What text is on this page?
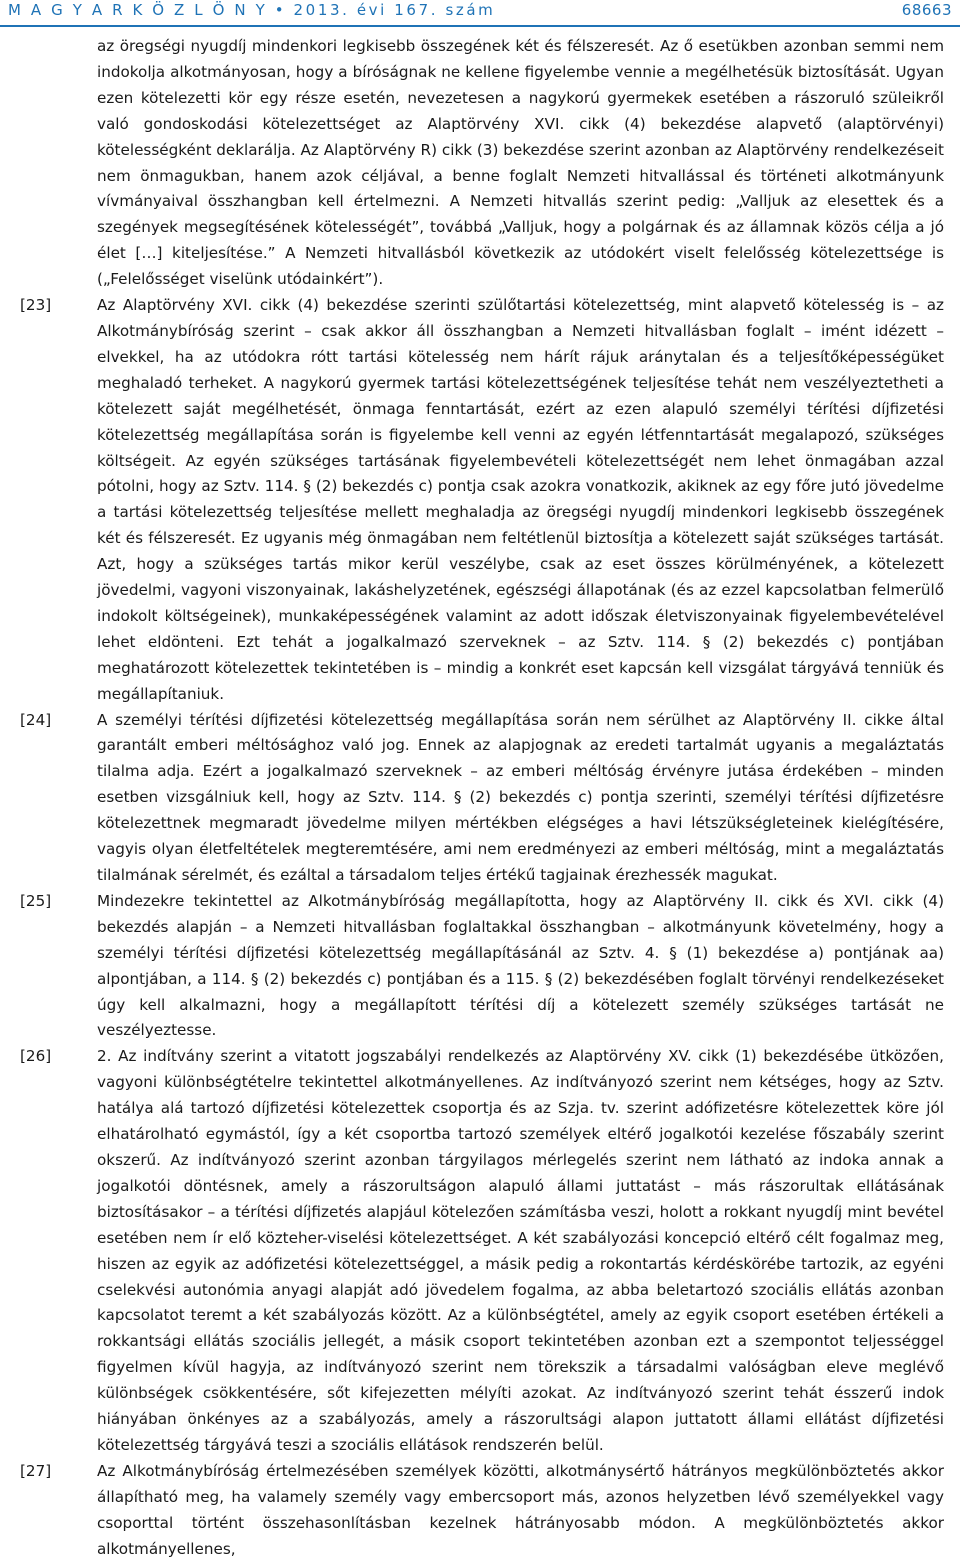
M A G Y A R K Ö Z L Ö N Y • 2013. évi 167. szám	68663
az öregségi nyugdíj mindenkori legkisebb összegének két és félszeresét. Az ő esetükben azonban semmi nem indokolja alkotmányosan, hogy a bíróságnak ne kellene figyelembe vennie a megélhetésük biztosítását. Ugyan ezen kötelezetti kör egy része esetén, nevezetesen a nagykorú gyermekek esetében a rászoruló szüleikről való gondoskodási kötelezettséget az Alaptörvény XVI. cikk (4) bekezdése alapvető (alaptörvényi) kötelességként deklarálja. Az Alaptörvény R) cikk (3) bekezdése szerint azonban az Alaptörvény rendelkezéseit nem önmagukban, hanem azok céljával, a benne foglalt Nemzeti hitvallással és történeti alkotmányunk vívmányaival összhangban kell értelmezni. A Nemzeti hitvallás szerint pedig: „Valljuk az elesettek és a szegények megsegítésének kötelességét”, továbbá „Valljuk, hogy a polgárnak és az államnak közös célja a jó élet […] kiteljesítése.” A Nemzeti hitvallásból következik az utódokért viselt felelősség kötelezettsége is („Felelősséget viselünk utódainkért”).
[23]	Az Alaptörvény XVI. cikk (4) bekezdése szerinti szülőtartási kötelezettség, mint alapvető kötelesség is – az Alkotmánybíróság szerint – csak akkor áll összhangban a Nemzeti hitvallásban foglalt – imént idézett – elvekkel, ha az utódokra rótt tartási kötelesség nem hárít rájuk aránytalan és a teljesítőképességüket meghaladó terheket. A nagykorú gyermek tartási kötelezettségének teljesítése tehát nem veszélyeztetheti a kötelezett saját megélhetését, önmaga fenntartását, ezért az ezen alapuló személyi térítési díjfizetési kötelezettség megállapítása során is figyelembe kell venni az egyén létfenntartását megalapozó, szükséges költségeit. Az egyén szükséges tartásának figyelembevételi kötelezettségét nem lehet önmagában azzal pótolni, hogy az Sztv. 114. § (2) bekezdés c) pontja csak azokra vonatkozik, akiknek az egy főre jutó jövedelme a tartási kötelezettség teljesítése mellett meghaladja az öregségi nyugdíj mindenkori legkisebb összegének két és félszeresét. Ez ugyanis még önmagában nem feltétlenül biztosítja a kötelezett saját szükséges tartását. Azt, hogy a szükséges tartás mikor kerül veszélybe, csak az eset összes körülményének, a kötelezett jövedelmi, vagyoni viszonyainak, lakáshelyzetének, egészségi állapotának (és az ezzel kapcsolatban felmerülő indokolt költségeinek), munkaképességének valamint az adott időszak életviszonyainak figyelembevételével lehet eldönteni. Ezt tehát a jogalkalmazó szerveknek – az Sztv. 114. § (2) bekezdés c) pontjában meghatározott kötelezettek tekintetében is – mindig a konkrét eset kapcsán kell vizsgálat tárgyává tenniük és megállapítaniuk.
[24]	A személyi térítési díjfizetési kötelezettség megállapítása során nem sérülhet az Alaptörvény II. cikke által garantált emberi méltósághoz való jog. Ennek az alapjognak az eredeti tartalmát ugyanis a megaláztatás tilalma adja. Ezért a jogalkalmazó szerveknek – az emberi méltóság érvényre jutása érdekében – minden esetben vizsgálniuk kell, hogy az Sztv. 114. § (2) bekezdés c) pontja szerinti, személyi térítési díjfizetésre kötelezettnek megmaradt jövedelme milyen mértékben elégséges a havi létszükségleteinek kielégítésére, vagyis olyan életfeltételek megteremtésére, ami nem eredményezi az emberi méltóság, mint a megaláztatás tilalmának sérelmét, és ezáltal a társadalom teljes értékű tagjainak érezhessék magukat.
[25]	Mindezekre tekintettel az Alkotmánybíróság megállapította, hogy az Alaptörvény II. cikk és XVI. cikk (4) bekezdés alapján – a Nemzeti hitvallásban foglaltakkal összhangban – alkotmányunk követelmény, hogy a személyi térítési díjfizetési kötelezettség megállapításánál az Sztv. 4. § (1) bekezdése a) pontjának aa) alpontjában, a 114. § (2) bekezdés c) pontjában és a 115. § (2) bekezdésében foglalt törvényi rendelkezéseket úgy kell alkalmazni, hogy a megállapított térítési díj a kötelezett személy szükséges tartását ne veszélyeztesse.
[26]	2. Az indítvány szerint a vitatott jogszabályi rendelkezés az Alaptörvény XV. cikk (1) bekezdésébe ütközően, vagyoni különbségtételre tekintettel alkotmányellenes. Az indítványozó szerint nem kétséges, hogy az Sztv. hatálya alá tartozó díjfizetési kötelezettek csoportja és az Szja. tv. szerint adófizetésre kötelezettek köre jól elhatárolható egymástól, így a két csoportba tartozó személyek eltérő jogalkotói kezelése főszabály szerint okszerű. Az indítványozó szerint azonban tárgyilagos mérlegelés szerint nem látható az indoka annak a jogalkotói döntésnek, amely a rászorultságon alapuló állami juttatást – más rászorultak ellátásának biztosításakor – a térítési díjfizetés alapjául kötelezően számításba veszi, holott a rokkant nyugdíj mint bevétel esetében nem ír elő közteher-viselési kötelezettséget. A két szabályozási koncepció eltérő célt fogalmaz meg, hiszen az egyik az adófizetési kötelezettséggel, a másik pedig a rokontartás kérdéskörébe tartozik, az egyéni cselekvési autonómia anyagi alapját adó jövedelem fogalma, az abba beletartozó szociális ellátás azonban kapcsolatot teremt a két szabályozás között. Az a különbségtétel, amely az egyik csoport esetében értékeli a rokkantsági ellátás szociális jellegét, a másik csoport tekintetében azonban ezt a szempontot teljességgel figyelmen kívül hagyja, az indítványozó szerint nem törekszik a társadalmi valóságban eleve meglévő különbségek csökkentésére, sőt kifejezetten mélyíti azokat. Az indítványozó szerint tehát ésszerű indok hiányában önkényes az a szabályozás, amely a rászorultsági alapon juttatott állami ellátást díjfizetési kötelezettség tárgyává teszi a szociális ellátások rendszerén belül.
[27]	Az Alkotmánybíróság értelmezésében személyek közötti, alkotmánysértő hátrányos megkülönböztetés akkor állapítható meg, ha valamely személy vagy embercsoport más, azonos helyzetben lévő személyekkel vagy csoporttal történt összehasonlításban kezelnek hátrányosabb módon. A megkülönböztetés akkor alkotmányellenes,
